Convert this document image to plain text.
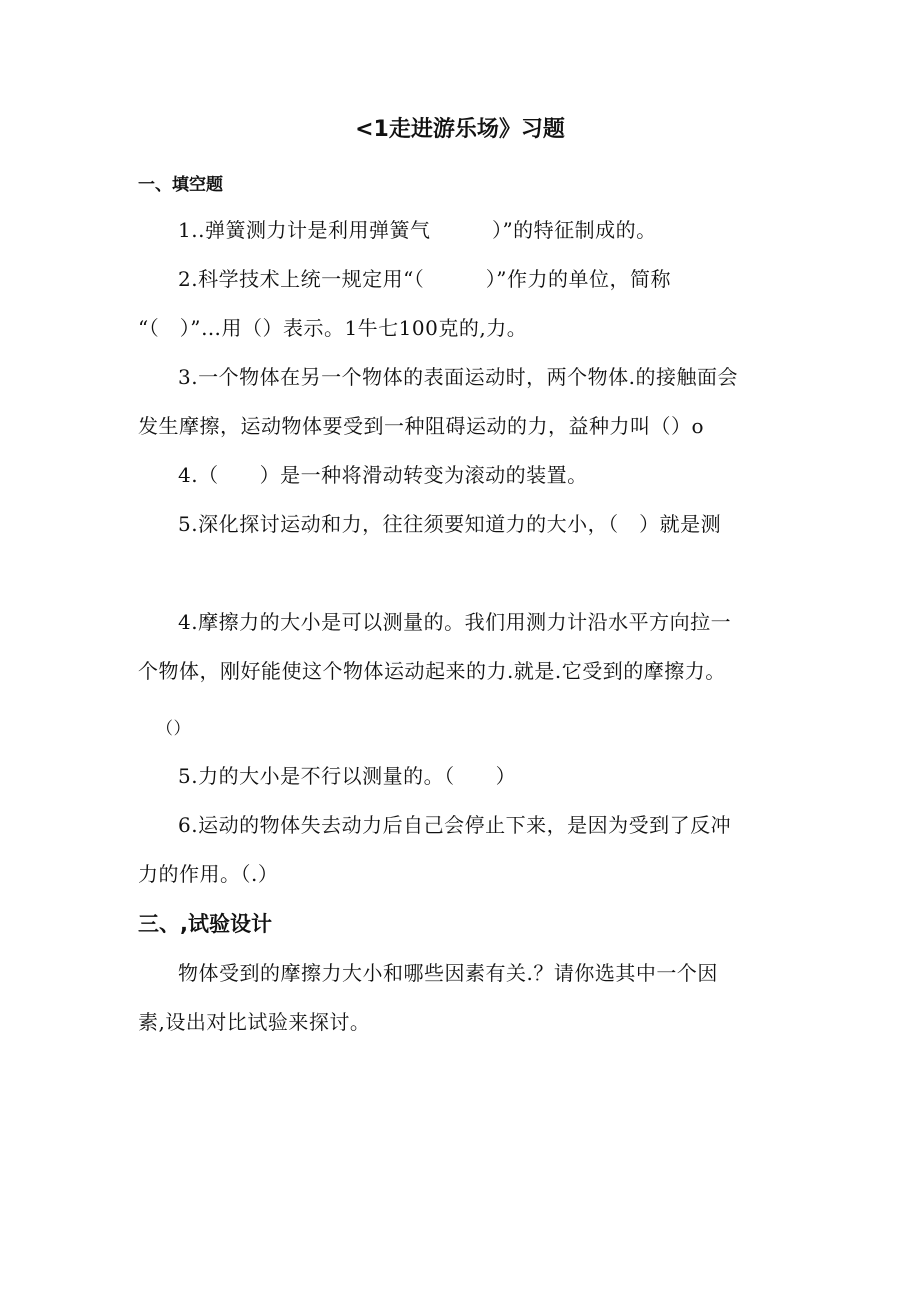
<1走进游乐场》习题
一、填空题
1..弹簧测力计是利用弹簧气　　　）”的特征制成的。
2.科学技术上统一规定用“（　　　）”作力的单位，简称
“（　）”…用（）表示。1牛七100克的,力。
3.一个物体在另一个物体的表面运动时，两个物体.的接触面会
发生摩擦，运动物体要受到一种阻碍运动的力，益种力叫（）o
4.（　　）是一种将滑动转变为滚动的装置。
5.深化探讨运动和力，往往须要知道力的大小，（　）就是测
4.摩擦力的大小是可以测量的。我们用测力计沿水平方向拉一
个物体，刚好能使这个物体运动起来的力.就是.它受到的摩擦力。
（）
5.力的大小是不行以测量的。（　　）
6.运动的物体失去动力后自己会停止下来，是因为受到了反冲
力的作用。（.）
三、,试验设计
物体受到的摩擦力大小和哪些因素有关.？请你选其中一个因
素,设出对比试验来探讨。
